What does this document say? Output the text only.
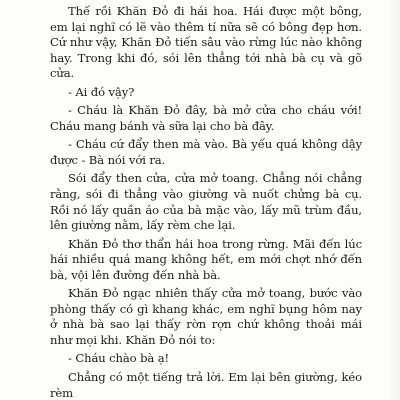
Thế rồi Khăn Đỏ đi hái hoa. Hái được một bông, em lại nghĩ có lẽ vào thêm tí nữa sẽ có bông đẹp hơn. Cứ như vậy, Khăn Đỏ tiến sâu vào rừng lúc nào không hay. Trong khi đó, sói lên thẳng tới nhà bà cụ và gõ cửa.

- Ai đó vậy?

- Cháu là Khăn Đỏ đây, bà mở cửa cho cháu với! Cháu mang bánh và sữa lại cho bà đây.

- Cháu cứ đẩy then mà vào. Bà yếu quá không dậy được - Bà nói với ra.

Sói đẩy then cửa, cửa mở toang. Chẳng nói chẳng rằng, sói đi thẳng vào giường và nuốt chửng bà cụ. Rồi nó lấy quần áo của bà mặc vào, lấy mũ trùm đầu, lên giường nằm, lấy rèm che lại.

Khăn Đỏ thơ thẩn hái hoa trong rừng. Mãi đến lúc hái nhiều quá mang không hết, em mới chợt nhớ đến bà, vội lên đường đến nhà bà.

Khăn Đỏ ngạc nhiên thấy cửa mở toang, bước vào phòng thấy có gì khang khác, em nghĩ bụng hôm nay ở nhà bà sao lại thấy rờn rợn chứ không thoải mái như mọi khi. Khăn Đỏ nói to:

- Cháu chào bà ạ!

Chẳng có một tiếng trả lời. Em lại bên giường, kéo rèm
